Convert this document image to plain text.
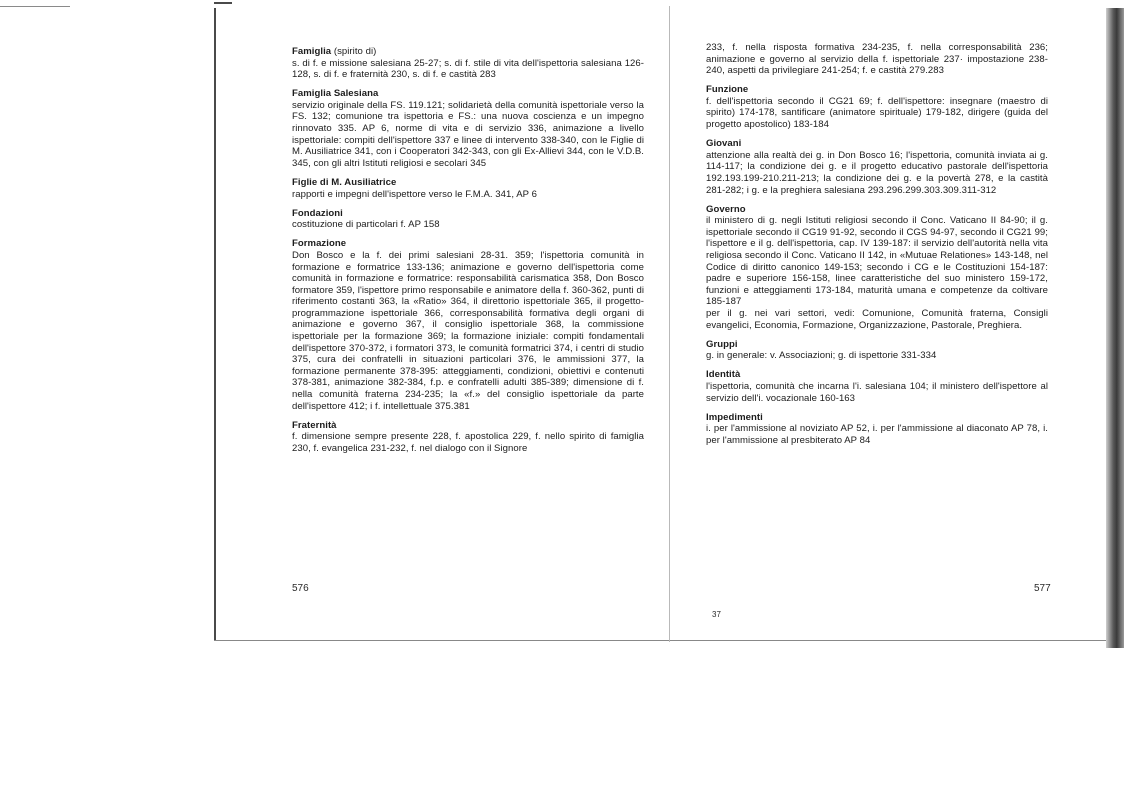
Famiglia (spirito di)
s. di f. e missione salesiana 25-27; s. di f. stile di vita dell'ispettoria salesiana 126-128, s. di f. e fraternità 230, s. di f. e castità 283
Famiglia Salesiana
servizio originale della FS. 119.121; solidarietà della comunità ispettoriale verso la FS. 132; comunione tra ispettoria e FS.: una nuova coscienza e un impegno rinnovato 335. AP 6, norme di vita e di servizio 336, animazione a livello ispettoriale: compiti dell'ispettore 337 e linee di intervento 338-340, con le Figlie di M. Ausiliatrice 341, con i Cooperatori 342-343, con gli Ex-Allievi 344, con le V.D.B. 345, con gli altri Istituti religiosi e secolari 345
Figlie di M. Ausiliatrice
rapporti e impegni dell'ispettore verso le F.M.A. 341, AP 6
Fondazioni
costituzione di particolari f. AP 158
Formazione
Don Bosco e la f. dei primi salesiani 28-31. 359; l'ispettoria comunità in formazione e formatrice 133-136; animazione e governo dell'ispettoria come comunità in formazione e formatrice: responsabilità carismatica 358, Don Bosco formatore 359, l'ispettore primo responsabile e animatore della f. 360-362, punti di riferimento costanti 363, la «Ratio» 364, il direttorio ispettoriale 365, il progetto-programmazione ispettoriale 366, corresponsabilità formativa degli organi di animazione e governo 367, il consiglio ispettoriale 368, la commissione ispettoriale per la formazione 369; la formazione iniziale: compiti fondamentali dell'ispettore 370-372, i formatori 373, le comunità formatrici 374, i centri di studio 375, cura dei confratelli in situazioni particolari 376, le ammissioni 377, la formazione permanente 378-395: atteggiamenti, condizioni, obiettivi e contenuti 378-381, animazione 382-384, f.p. e confratelli adulti 385-389; dimensione di f. nella comunità fraterna 234-235; la «f.» del consiglio ispettoriale da parte dell'ispettore 412; i f. intellettuale 375.381
Fraternità
f. dimensione sempre presente 228, f. apostolica 229, f. nello spirito di famiglia 230, f. evangelica 231-232, f. nel dialogo con il Signore
576
233, f. nella risposta formativa 234-235, f. nella corresponsabilità 236; animazione e governo al servizio della f. ispettoriale 237· impostazione 238-240, aspetti da privilegiare 241-254; f. e castità 279.283
Funzione
f. dell'ispettoria secondo il CG21 69; f. dell'ispettore: insegnare (maestro di spirito) 174-178, santificare (animatore spirituale) 179-182, dirigere (guida del progetto apostolico) 183-184
Giovani
attenzione alla realtà dei g. in Don Bosco 16; l'ispettoria, comunità inviata ai g. 114-117; la condizione dei g. e il progetto educativo pastorale dell'ispettoria 192.193.199-210.211-213; la condizione dei g. e la povertà 278, e la castità 281-282; i g. e la preghiera salesiana 293.296.299.303.309.311-312
Governo
il ministero di g. negli Istituti religiosi secondo il Conc. Vaticano II 84-90; il g. ispettoriale secondo il CG19 91-92, secondo il CGS 94-97, secondo il CG21 99; l'ispettore e il g. dell'ispettoria, cap. IV 139-187: il servizio dell'autorità nella vita religiosa secondo il Conc. Vaticano II 142, in «Mutuae Relationes» 143-148, nel Codice di diritto canonico 149-153; secondo i CG e le Costituzioni 154-187: padre e superiore 156-158, linee caratteristiche del suo ministero 159-172, funzioni e atteggiamenti 173-184, maturità umana e competenze da coltivare 185-187
per il g. nei vari settori, vedi: Comunione, Comunità fraterna, Consigli evangelici, Economia, Formazione, Organizzazione, Pastorale, Preghiera.
Gruppi
g. in generale: v. Associazioni; g. di ispettorie 331-334
Identità
l'ispettoria, comunità che incarna l'i. salesiana 104; il ministero dell'ispettore al servizio dell'i. vocazionale 160-163
Impedimenti
i. per l'ammissione al noviziato AP 52, i. per l'ammissione al diaconato AP 78, i. per l'ammissione al presbiterato AP 84
577
37
